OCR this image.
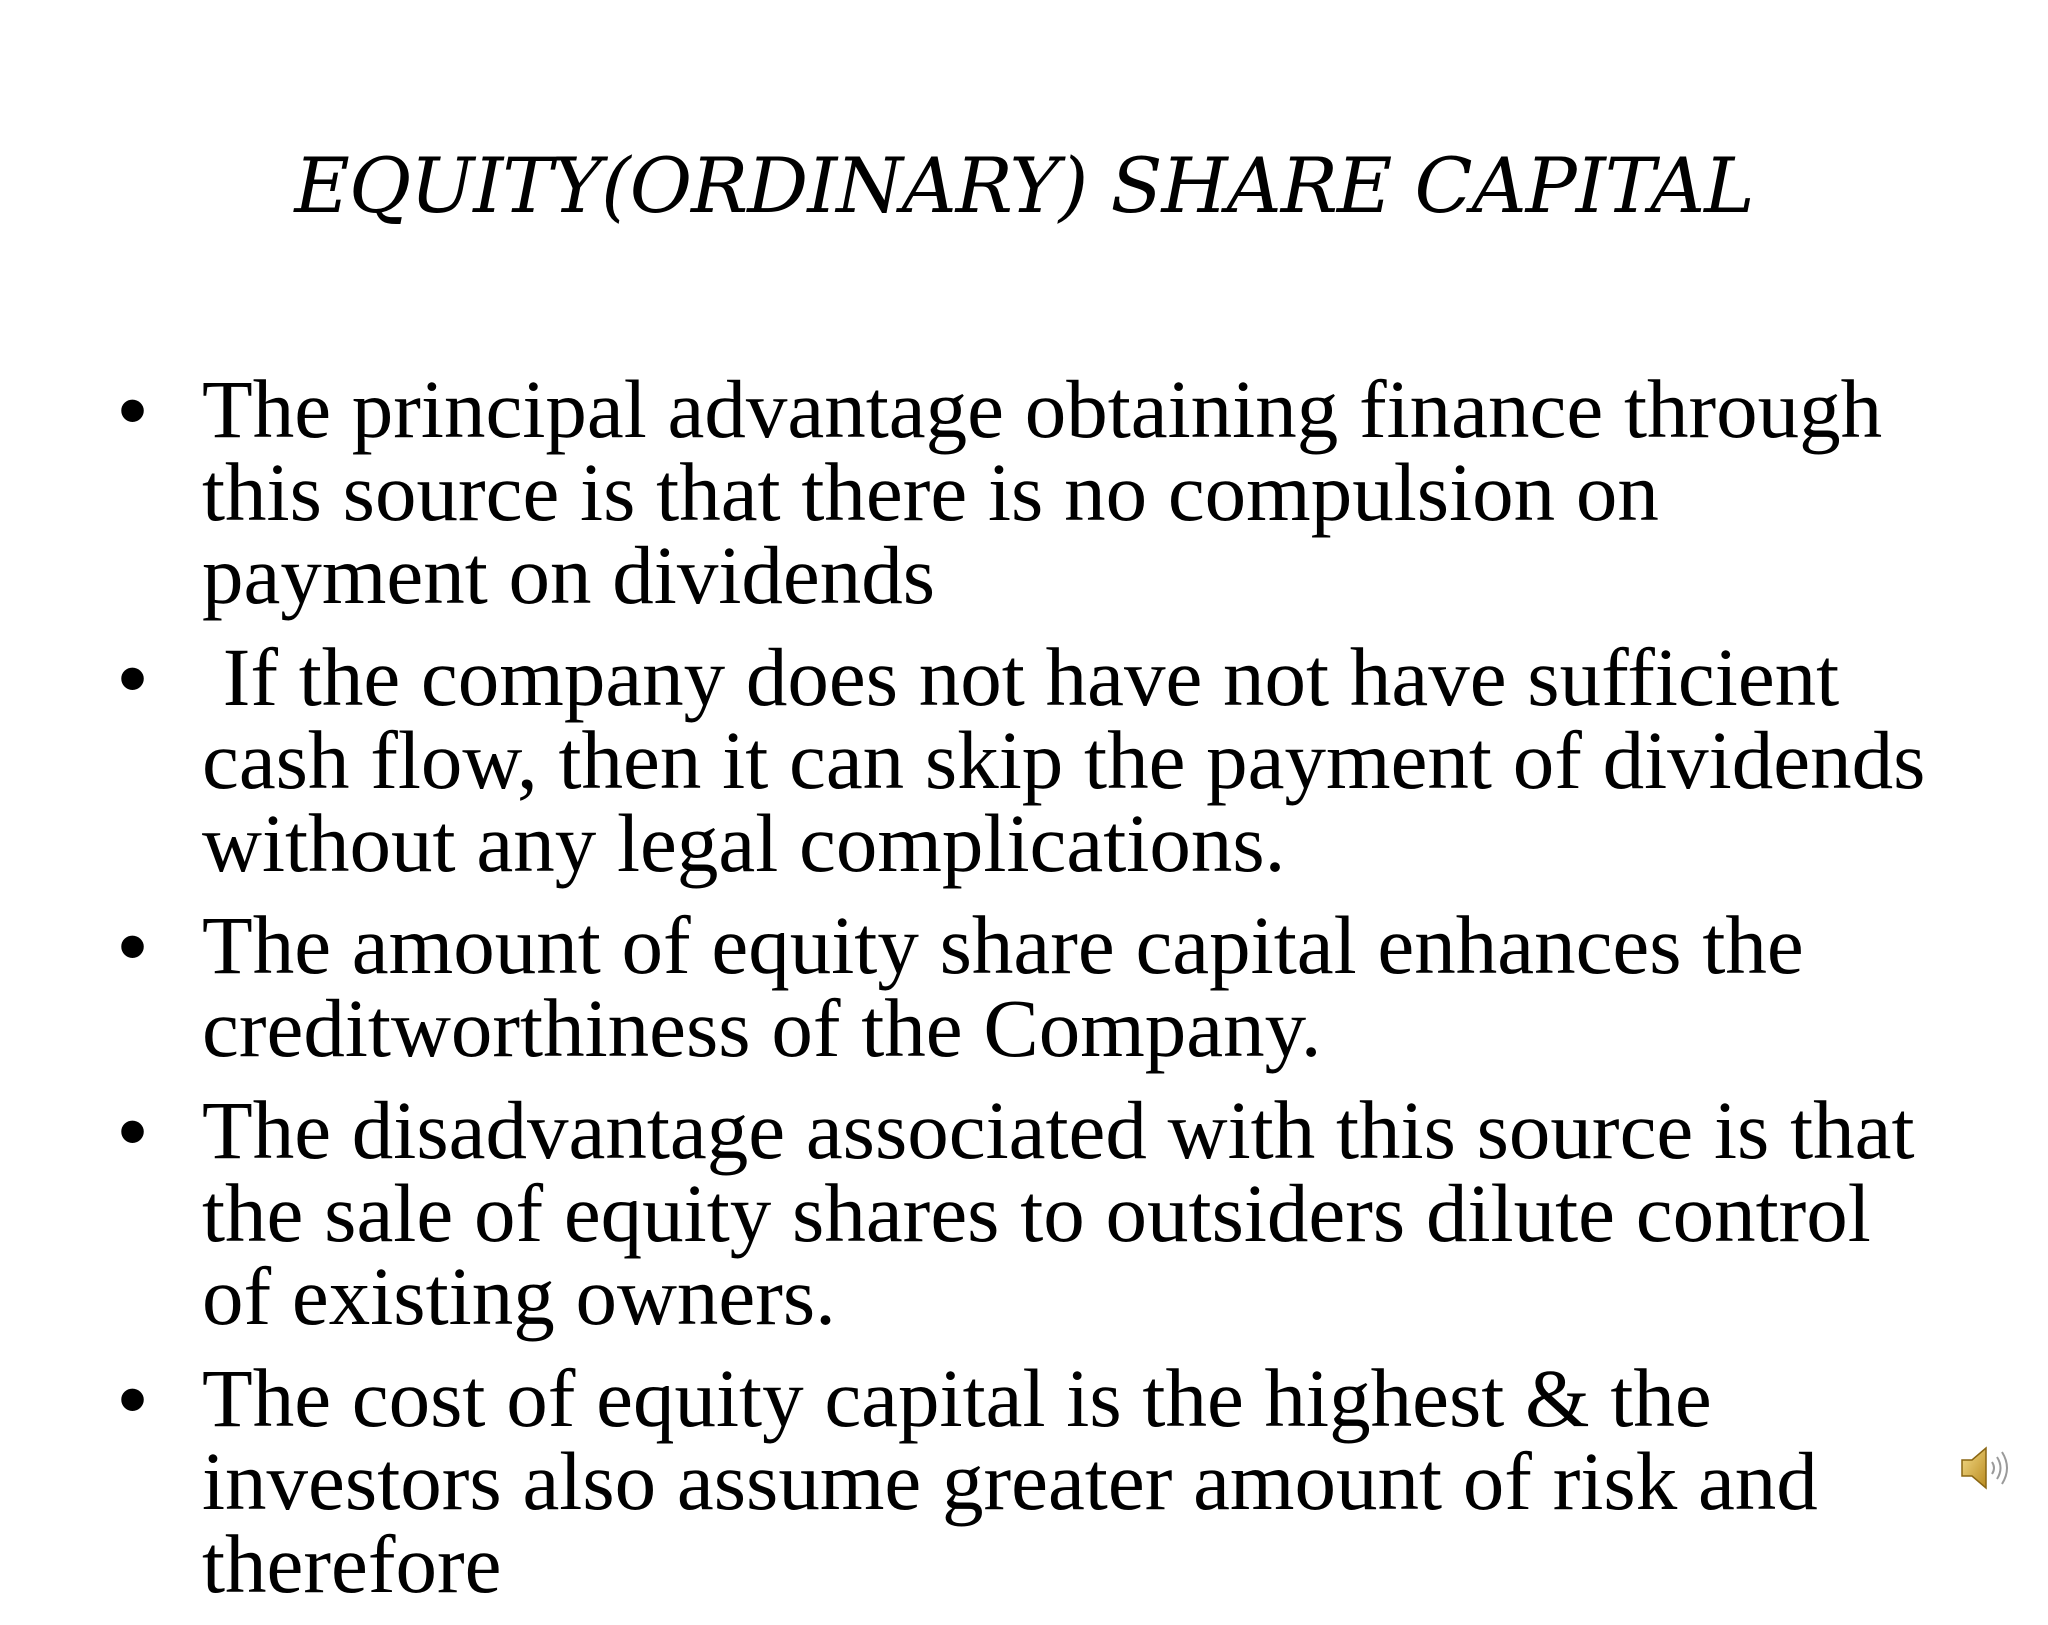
EQUITY(ORDINARY) SHARE CAPITAL
• The principal advantage obtaining finance through this source is that there is no compulsion on payment on dividends
• If the company does not have not have sufficient cash flow, then it can skip the payment of dividends without any legal complications.
• The amount of equity share capital enhances the creditworthiness of the Company.
• The disadvantage associated with this source is that the sale of equity shares to outsiders dilute control of existing owners.
• The cost of equity capital is the highest & the investors also assume greater amount of risk and therefore
